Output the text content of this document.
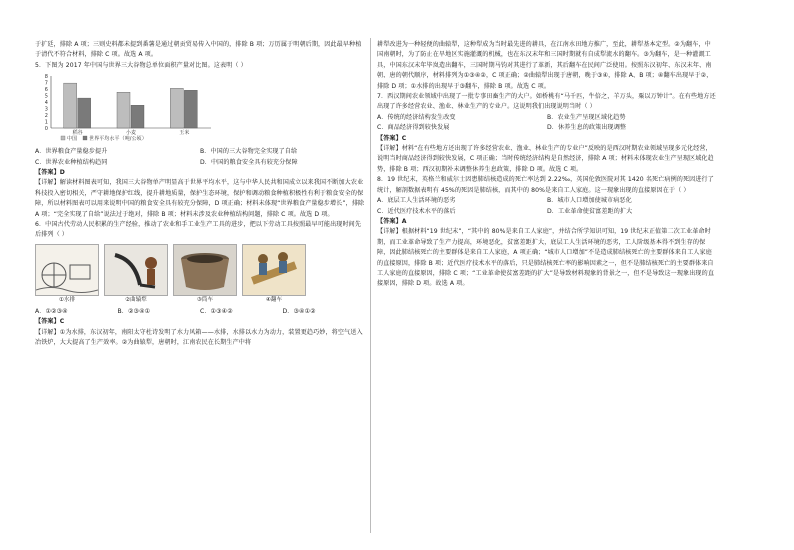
于扩廷，排除 A 项；三则史料都未提到番薯是通过朝贡贸易传入中国的，排除 B 项；万历属于明朝后期，因此最早种植于清代不符合材料，排除 C 项。故选 A 项。

5．下图为 2017 年中国与世界三大谷物总单位面积产量对比图。这表明（ ）

0
1
2
3
4
5
6
7
8
稻谷	小麦	玉米
中国 世界平均水平（吨/公顷）
A．世界粮食产量稳步提升	B．中国的三大谷物完全实现了自给
C．世界农业种植结构趋同	D．中国的粮食安全具有较充分保障

【答案】D

【详解】解读材料图表可知，我国三大谷物单产明显高于世界平均水平，这与中华人民共和国成立以来我国不断加大农业科技投入密切相关，严守耕地保护红线，提升耕地质量，保护生态环境，保护和调动粮食种植积极性有利于粮食安全的保障，所以材料图表可以用来说明中国的粮食安全具有较充分保障，D 项正确；材料未体现“世界粮食产量稳步增长”，排除 A 项；“完全实现了自给”说法过于绝对，排除 B 项；材料未涉及农业种植结构问题，排除 C 项。故选 D 项。

6．中国古代劳动人民积累的生产经验，推动了农业和手工业生产工具的进步，把以下劳动工具按照最早可能出现时间先后排列（ ）

①水排	②曲辕犁	③筒车	④翻车
A．①②③④	B．②③④①	C．①③④②	D．③④①②

【答案】C

【详解】①为水排，东汉初年，南阳太守杜诗发明了水力风箱——水排，水排以水力为动力，装置更趋巧妙，将空气送入冶铁炉，大大提高了生产效率。②为曲辕犁，唐朝时，江南农民在长期生产中将

耕犁改进为一种轻便的曲辕犁，这种犁成为当时最先进的耕具，在江南水田地方推广，至此，耕犁基本定型。②为翻车，中国南朝时，为了防止在旱地区实施灌溉的机械，也在东汉末年和三国时期就有自成犁流水的翻车。③为翻车，是一种灌溉工具，中国东汉末年毕岚造出翻车，三国时期马钧对其进行了革新，其后翻车在民间广泛使用。按照东汉初年、东汉末年、南朝、唐的朝代顺序，材料排列为①③④②，C 项正确；②曲辕犁出现于唐朝，晚于③④，排除 A、B 项；④翻车出现早于②，排除 D 项；①水排的出现早于③翻车，排除 B 项。故选 C 项。

7．西汉期间农业领域中出现了一批专事田畜生产的大户。如桥桃有“马千匹，牛倍之，羊万头，粟以万钟计”。在有些地方还出现了许多经营农业、渔业、林业生产的专业户。这说明我们出现说明当时（ ）

A．传统的经济结构发生改变	B．农业生产呈现区域化趋势
C．商品经济得到较快发展	D．休养生息的政策出现调整

【答案】C

【详解】材料“在有些地方还出现了许多经营农业、渔业、林业生产的专业户”反映的是西汉时期农业领域呈现多元化经营，说明当时商品经济得到较快发展，C 项正确；当时传统经济结构是自然经济，排除 A 项；材料未体现农业生产呈现区域化趋势，排除 B 项；西汉初期补未调整休养生息政策，排除 D 项。故选 C 项。

8．19 世纪末，英格兰和威尔士因患肺结核造成的死亡率达到 2.22‰，英国伦敦医院对其 1420 名死亡病例的死因进行了统计，解剖数据表明有 45%的死因是肺结核，而其中的 80%是来自工人家庭。这一现象出现的直接原因在于（ ）

A．底层工人生活环境的恶劣	B．城市人口增加使城市病恶化
C．近代医疗技术水平的落后	D．工业革命使贫富差距的扩大

【答案】A

【详解】根据材料“19 世纪末”，“其中的 80%是来自工人家庭”，并结合所学知识可知，19 世纪末正值第二次工业革命时期，而工业革命导致了生产力提高，环境恶化，贫富差距扩大，底层工人生活环境的恶劣，工人阶级基本得不到生存的保障，因此肺结核死亡的主要群体是来自工人家庭，A 项正确；“城市人口增加”不是造成肺结核死亡的主要群体来自工人家庭的直接原因，排除 B 项；近代医疗技术水平的落后，只是肺结核死亡率的影响因素之一，但不是肺结核死亡的主要群体来自工人家庭的直接原因，排除 C 项；“工业革命使贫富差距的扩大”是导致材料现象的背景之一，但不是导致这一现象出现的直接原因，排除 D 项。故选 A 项。
